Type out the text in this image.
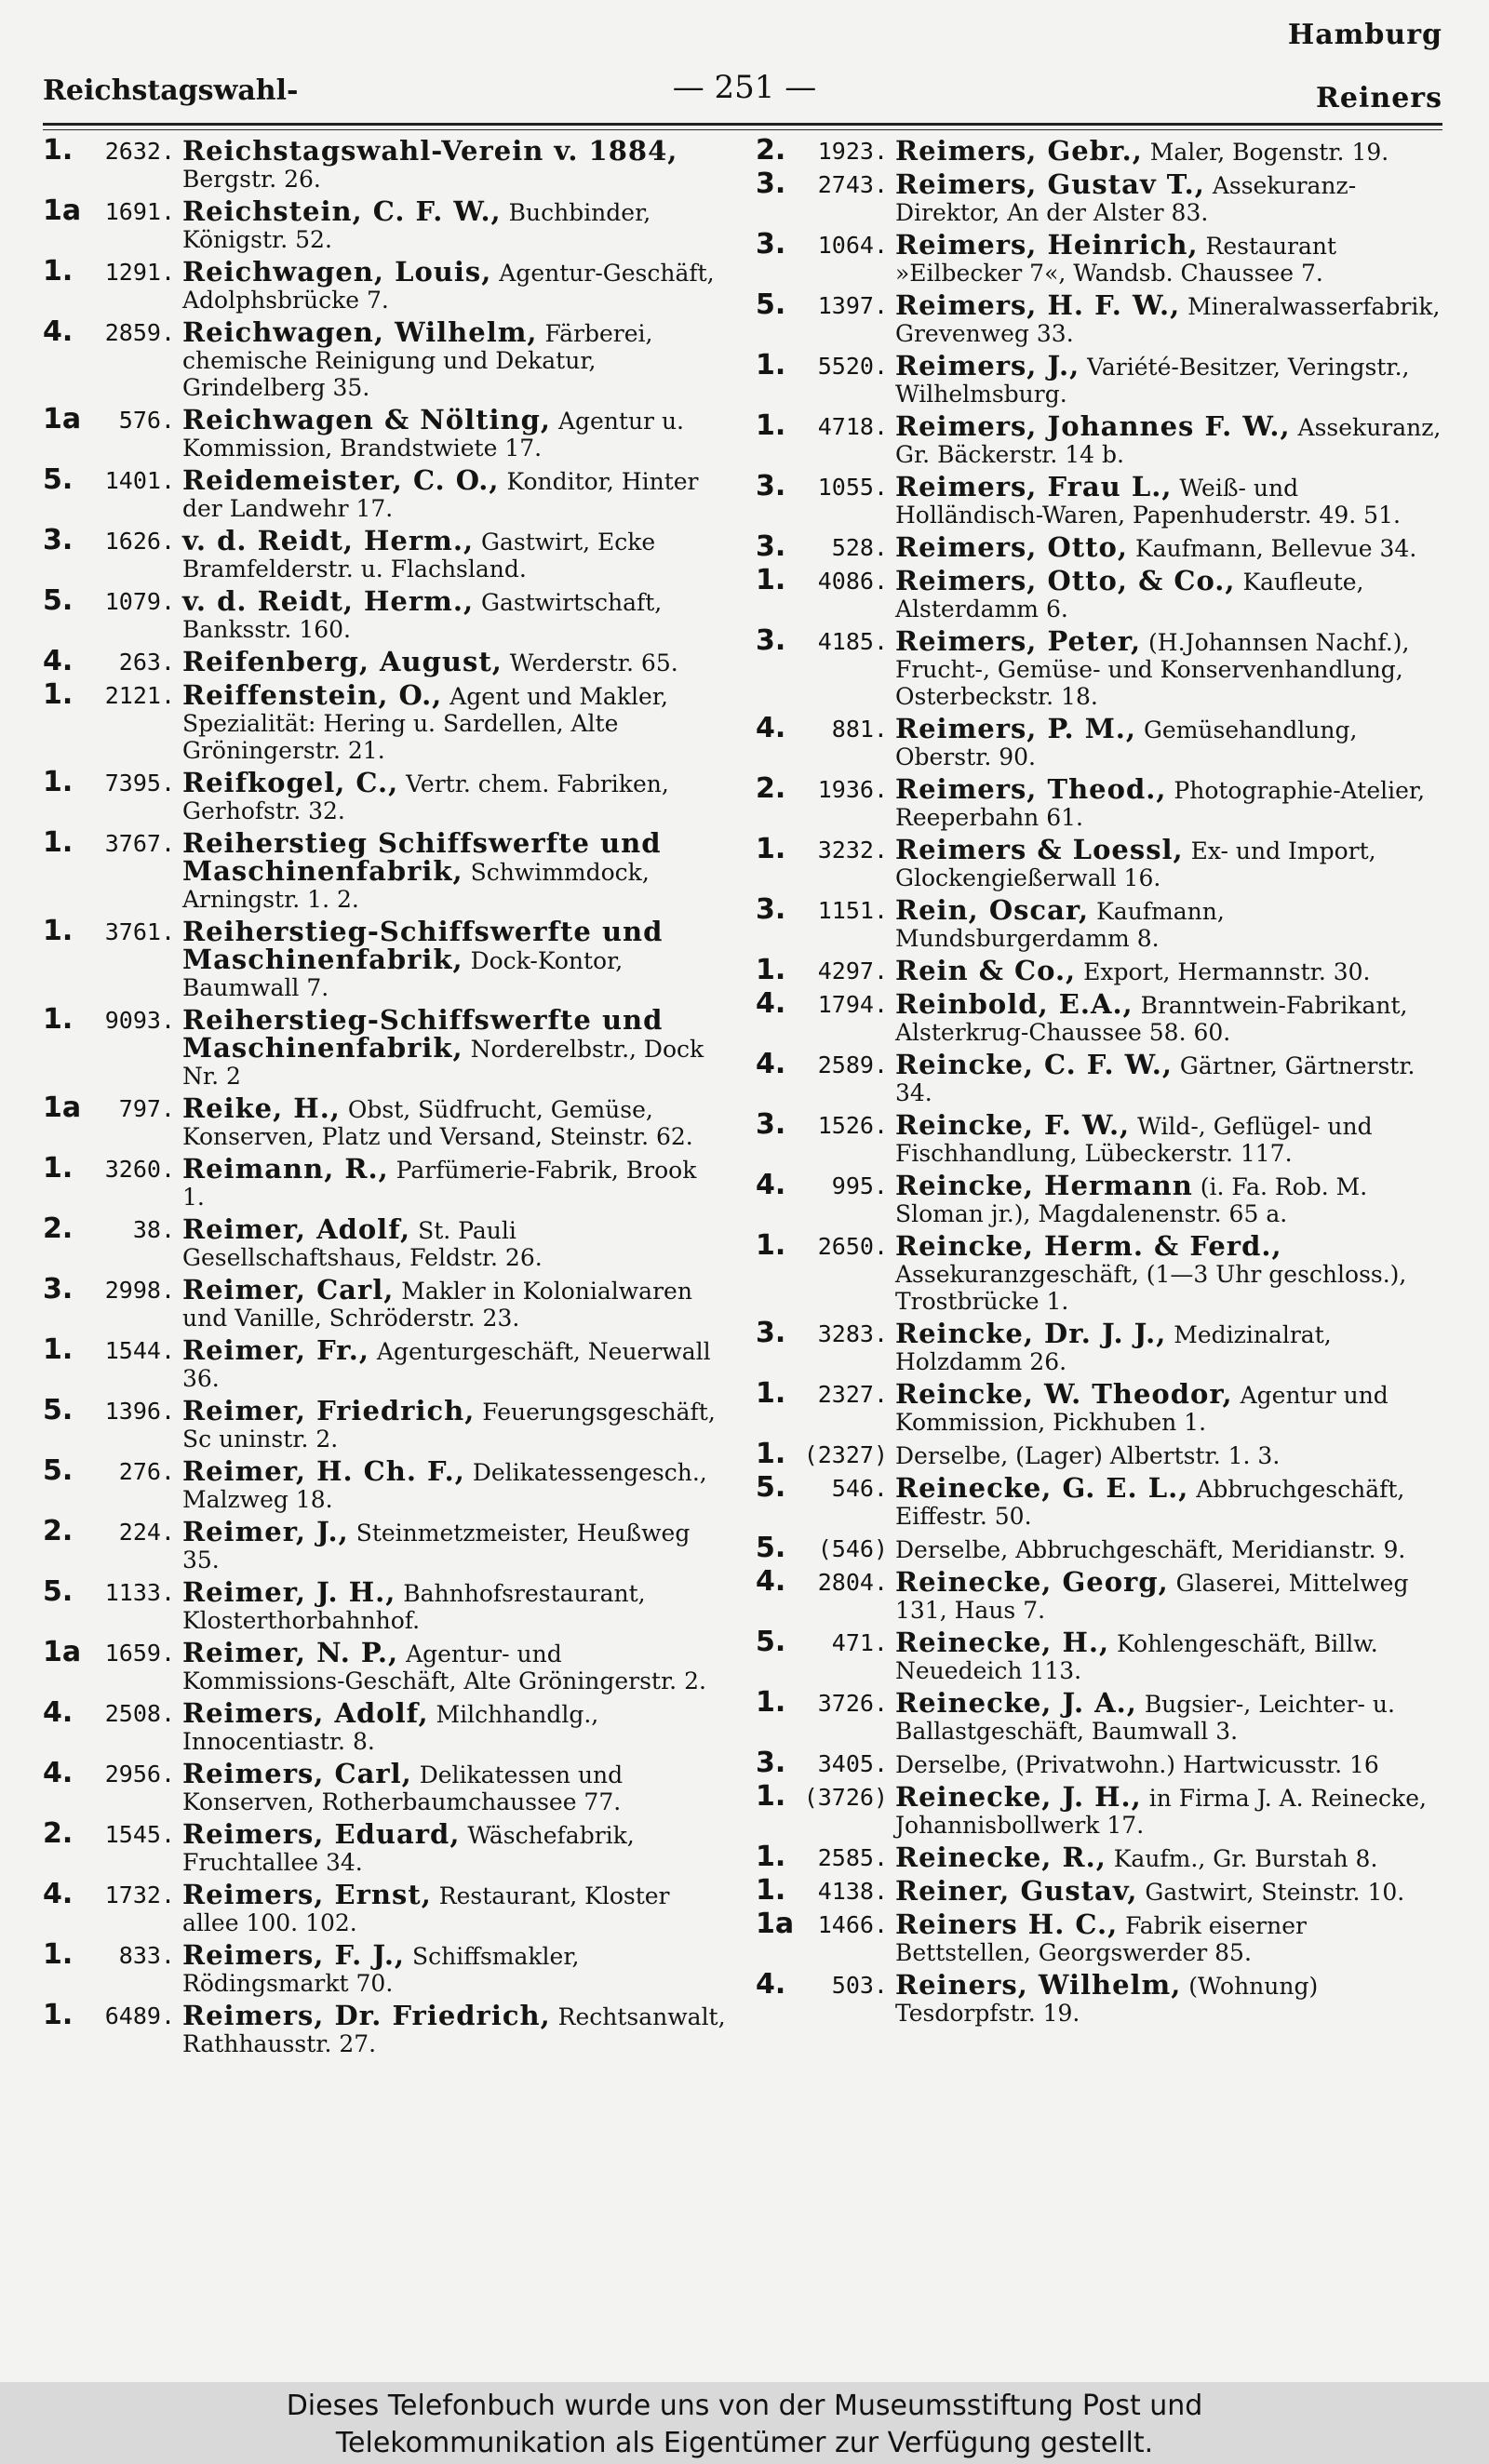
Hamburg
Reichstagswahl-	— 251 —	Reiners
1.	2632. Reichstagswahl-Verein v. 1884, Bergstr. 26.
1a	1691. Reichstein, C. F. W., Buchbinder, Königstr. 52.
1.	1291. Reichwagen, Louis, Agentur-Geschäft, Adolphsbrücke 7.
4.	2859. Reichwagen, Wilhelm, Färberei, chemische Reinigung und Dekatur, Grindelberg 35.
1a	576. Reichwagen & Nölting, Agentur u. Kommission, Brandstwiete 17.
5.	1401. Reidemeister, C. O., Konditor, Hinter der Landwehr 17.
3.	1626. v. d. Reidt, Herm., Gastwirt, Ecke Bramfelderstr. u. Flachsland.
5.	1079. v. d. Reidt, Herm., Gastwirtschaft, Banksstr. 160.
4.	263. Reifenberg, August, Werderstr. 65.
1.	2121. Reiffenstein, O., Agent und Makler, Spezialität: Hering u. Sardellen, Alte Gröningerstr. 21.
1.	7395. Reifkogel, C., Vertr. chem. Fabriken, Gerhofstr. 32.
1.	3767. Reiherstieg Schiffswerfte und Maschinenfabrik, Schwimmdock, Arningstr. 1. 2.
1.	3761. Reiherstieg-Schiffswerfte und Maschinenfabrik, Dock-Kontor, Baumwall 7.
1.	9093. Reiherstieg-Schiffswerfte und Maschinenfabrik, Norderelbstr., Dock Nr. 2
1a	797. Reike, H., Obst, Südfrucht, Gemüse, Konserven, Platz und Versand, Steinstr. 62.
1.	3260. Reimann, R., Parfümerie-Fabrik, Brook 1.
2.	38. Reimer, Adolf, St. Pauli Gesellschaftshaus, Feldstr. 26.
3.	2998. Reimer, Carl, Makler in Kolonialwaren und Vanille, Schröderstr. 23.
1.	1544. Reimer, Fr., Agenturgeschäft, Neuerwall 36.
5.	1396. Reimer, Friedrich, Feuerungsgeschäft, Sc uninstr. 2.
5.	276. Reimer, H. Ch. F., Delikatessengesch., Malzweg 18.
2.	224. Reimer, J., Steinmetzmeister, Heußweg 35.
5.	1133. Reimer, J. H., Bahnhofsrestaurant, Klosterthorbahnhof.
1a	1659. Reimer, N. P., Agentur- und Kommissions-Geschäft, Alte Gröningerstr. 2.
4.	2508. Reimers, Adolf, Milchhandlg., Innocentiastr. 8.
4.	2956. Reimers, Carl, Delikatessen und Konserven, Rotherbaumchaussee 77.
2.	1545. Reimers, Eduard, Wäschefabrik, Fruchtallee 34.
4.	1732. Reimers, Ernst, Restaurant, Kloster allee 100. 102.
1.	833. Reimers, F. J., Schiffsmakler, Rödingsmarkt 70.
1.	6489. Reimers, Dr. Friedrich, Rechtsanwalt, Rathhausstr. 27.
2.	1923. Reimers, Gebr., Maler, Bogenstr. 19.
3.	2743. Reimers, Gustav T., Assekuranz-Direktor, An der Alster 83.
3.	1064. Reimers, Heinrich, Restaurant »Eilbecker 7«, Wandsb. Chaussee 7.
5.	1397. Reimers, H. F. W., Mineralwasserfabrik, Grevenweg 33.
1.	5520. Reimers, J., Variété-Besitzer, Veringstr., Wilhelmsburg.
1.	4718. Reimers, Johannes F. W., Assekuranz, Gr. Bäckerstr. 14 b.
3.	1055. Reimers, Frau L., Weiß- und Holländisch-Waren, Papenhuderstr. 49. 51.
3.	528. Reimers, Otto, Kaufmann, Bellevue 34.
1.	4086. Reimers, Otto, & Co., Kaufleute, Alsterdamm 6.
3.	4185. Reimers, Peter, (H.Johannsen Nachf.), Frucht-, Gemüse- und Konservenhandlung, Osterbeckstr. 18.
4.	881. Reimers, P. M., Gemüsehandlung, Oberstr. 90.
2.	1936. Reimers, Theod., Photographie-Atelier, Reeperbahn 61.
1.	3232. Reimers & Loessl, Ex- und Import, Glockengießerwall 16.
3.	1151. Rein, Oscar, Kaufmann, Mundsburgerdamm 8.
1.	4297. Rein & Co., Export, Hermannstr. 30.
4.	1794. Reinbold, E.A., Branntwein-Fabrikant, Alsterkrug-Chaussee 58. 60.
4.	2589. Reincke, C. F. W., Gärtner, Gärtnerstr. 34.
3.	1526. Reincke, F. W., Wild-, Geflügel- und Fischhandlung, Lübeckerstr. 117.
4.	995. Reincke, Hermann (i. Fa. Rob. M. Sloman jr.), Magdalenenstr. 65 a.
1.	2650. Reincke, Herm. & Ferd., Assekuranzgeschäft, (1—3 Uhr geschloss.), Trostbrücke 1.
3.	3283. Reincke, Dr. J. J., Medizinalrat, Holzdamm 26.
1.	2327. Reincke, W. Theodor, Agentur und Kommission, Pickhuben 1.
1. (2327) Derselbe, (Lager) Albertstr. 1. 3.
5.	546. Reinecke, G. E. L., Abbruchgeschäft, Eiffestr. 50.
5.	(546) Derselbe, Abbruchgeschäft, Meridianstr. 9.
4.	2804. Reinecke, Georg, Glaserei, Mittelweg 131, Haus 7.
5.	471. Reinecke, H., Kohlengeschäft, Billw. Neuedeich 113.
1.	3726. Reinecke, J. A., Bugsier-, Leichter- u. Ballastgeschäft, Baumwall 3.
3.	3405. Derselbe, (Privatwohn.) Hartwicusstr. 16
1. (3726) Reinecke, J. H., in Firma J. A. Reinecke, Johannisbollwerk 17.
1.	2585. Reinecke, R., Kaufm., Gr. Burstah 8.
1.	4138. Reiner, Gustav, Gastwirt, Steinstr. 10.
1a	1466. Reiners H. C., Fabrik eiserner Bettstellen, Georgswerder 85.
4.	503. Reiners, Wilhelm, (Wohnung) Tesdorpfstr. 19.
Dieses Telefonbuch wurde uns von der Museumsstiftung Post und
Telekommunikation als Eigentümer zur Verfügung gestellt.
